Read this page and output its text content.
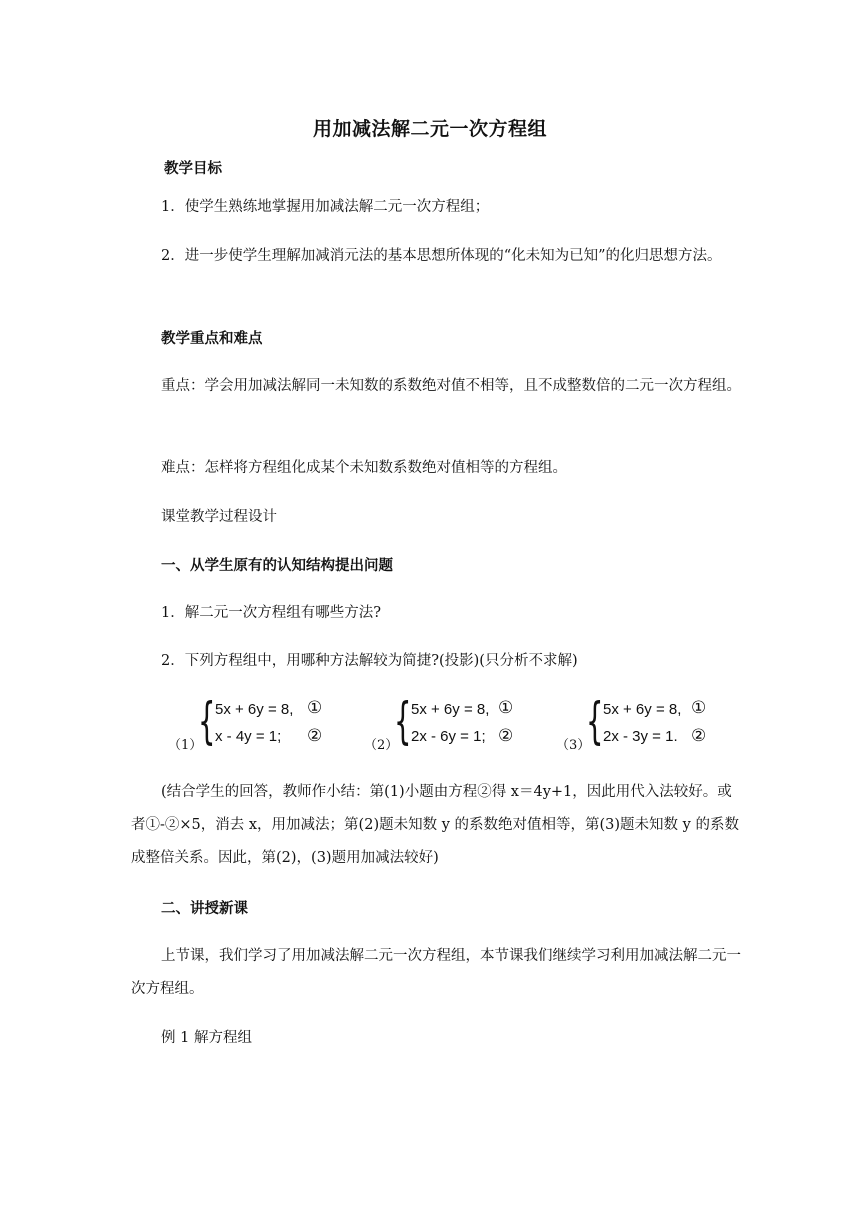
用加减法解二元一次方程组

教学目标

1．使学生熟练地掌握用加减法解二元一次方程组；

2．进一步使学生理解加减消元法的基本思想所体现的“化未知为已知”的化归思想方法。

教学重点和难点

重点：学会用加减法解同一未知数的系数绝对值不相等，且不成整数倍的二元一次方程组。

难点：怎样将方程组化成某个未知数系数绝对值相等的方程组。

课堂教学过程设计

一、从学生原有的认知结构提出问题

1．解二元一次方程组有哪些方法?

2．下列方程组中，用哪种方法解较为简捷?(投影)(只分析不求解)

（1）
{ 5x + 6y = 8,
x - 4y = 1;
①
②	（2）
{ 5x + 6y = 8,
2x - 6y = 1;
①
②	（3）
{ 5x + 6y = 8,
2x - 3y = 1.
①
②

(结合学生的回答，教师作小结：第(1)小题由方程②得 x＝4y+1，因此用代入法较好。或者①-②×5，消去 x，用加减法；第(2)题未知数 y 的系数绝对值相等，第(3)题未知数 y 的系数成整倍关系。因此，第(2)，(3)题用加减法较好)

二、讲授新课

上节课，我们学习了用加减法解二元一次方程组，本节课我们继续学习利用加减法解二元一次方程组。

例 1 解方程组
